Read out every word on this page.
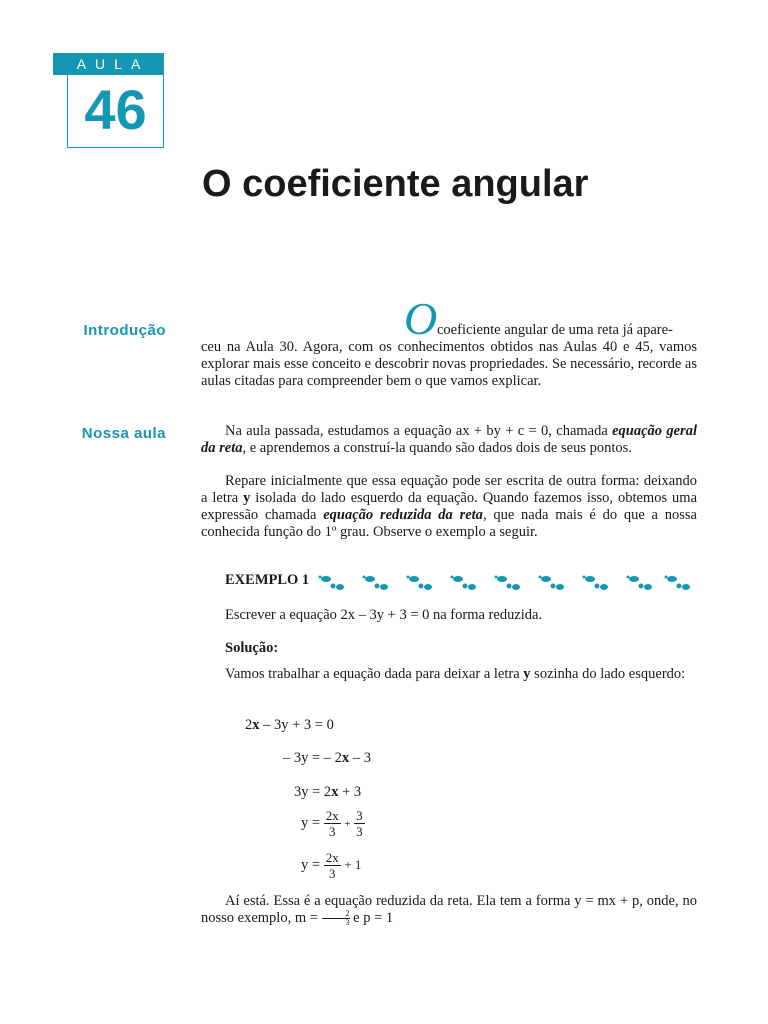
AULA
46
O coeficiente angular
Introdução	O coeficiente angular de uma reta já apare-

ceu na Aula 30. Agora, com os conhecimentos obtidos nas Aulas 40 e 45, vamos explorar mais esse conceito e descobrir novas propriedades. Se necessário, recorde as aulas citadas para compreender bem o que vamos explicar.

Nossa aula	Na aula passada, estudamos a equação ax + by + c = 0, chamada equação geral da reta, e aprendemos a construí-la quando são dados dois de seus pontos.

Repare inicialmente que essa equação pode ser escrita de outra forma: deixando a letra y isolada do lado esquerdo da equação. Quando fazemos isso, obtemos uma expressão chamada equação reduzida da reta, que nada mais é do que a nossa conhecida função do 1º grau. Observe o exemplo a seguir.

EXEMPLO 1

Escrever a equação 2x – 3y + 3 = 0 na forma reduzida.

Solução:

Vamos trabalhar a equação dada para deixar a letra y sozinha do lado esquerdo:

2x – 3y + 3 = 0
– 3y = – 2x – 3
3y = 2x + 3
$y = \frac{2x}{3} + \frac{3}{3}$
$y = \frac{2x}{3} + 1$

Aí está. Essa é a equação reduzida da reta. Ela tem a forma y = mx + p, onde, no nosso exemplo, $m = \frac{2}{3}$ e p = 1
